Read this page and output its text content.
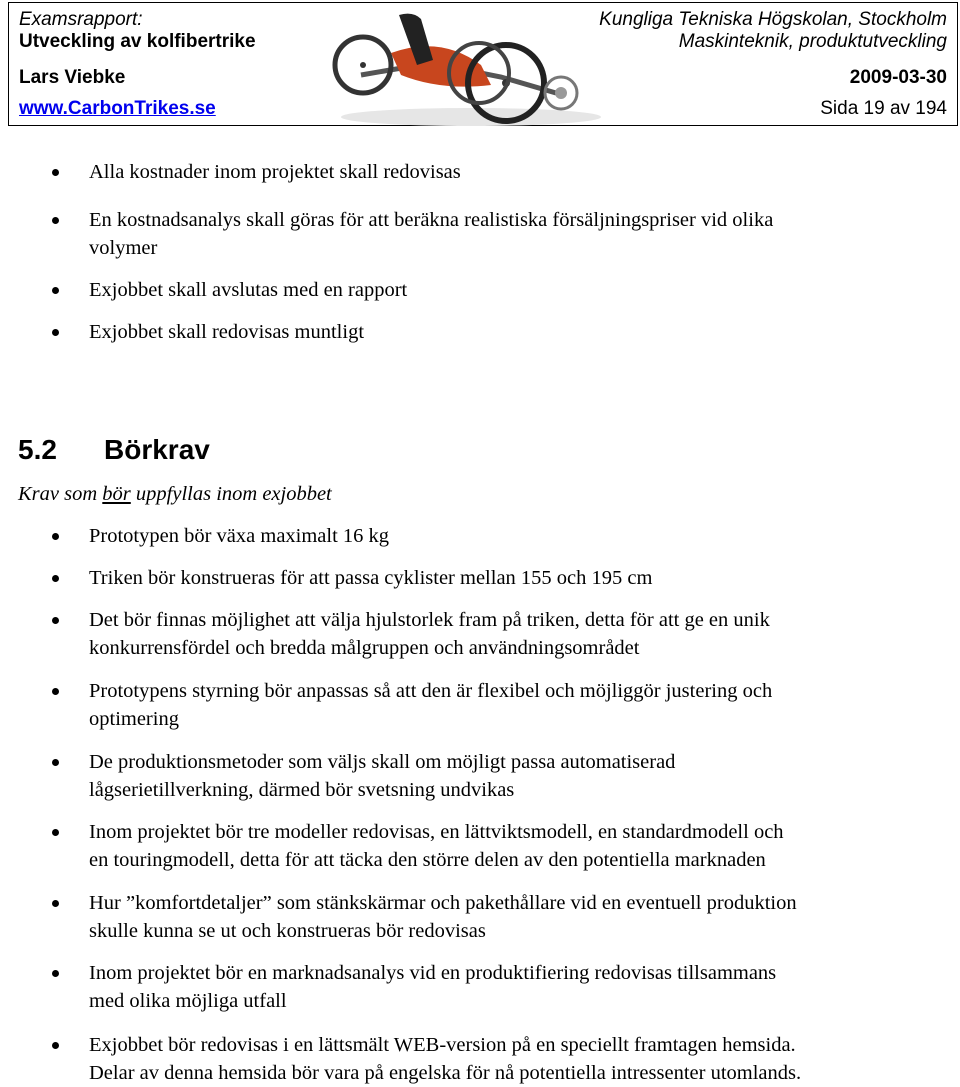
Examsrapport:
Utveckling av kolfibertrike
Lars Viebke
www.CarbonTrikes.se
Kungliga Tekniska Högskolan, Stockholm
Maskinteknik, produktutveckling
2009-03-30
Sida 19 av 194
Alla kostnader inom projektet skall redovisas
En kostnadsanalys skall göras för att beräkna realistiska försäljningspriser vid olika
volymer
Exjobbet skall avslutas med en rapport
Exjobbet skall redovisas muntligt
5.2 Börkrav
Krav som bör uppfyllas inom exjobbet
Prototypen bör växa maximalt 16 kg
Triken bör konstrueras för att passa cyklister mellan 155 och 195 cm
Det bör finnas möjlighet att välja hjulstorlek fram på triken, detta för att ge en unik
konkurrensfördel och bredda målgruppen och användningsområdet
Prototypens styrning bör anpassas så att den är flexibel och möjliggör justering och
optimering
De produktionsmetoder som väljs skall om möjligt passa automatiserad
lågserietillverkning, därmed bör svetsning undvikas
Inom projektet bör tre modeller redovisas, en lättviktsmodell, en standardmodell och
en touringmodell, detta för att täcka den större delen av den potentiella marknaden
Hur ”komfortdetaljer” som stänkskärmar och pakethållare vid en eventuell produktion
skulle kunna se ut och konstrueras bör redovisas
Inom projektet bör en marknadsanalys vid en produktifiering redovisas tillsammans
med olika möjliga utfall
Exjobbet bör redovisas i en lättsmält WEB-version på en speciellt framtagen hemsida.
Delar av denna hemsida bör vara på engelska för nå potentiella intressenter utomlands.
